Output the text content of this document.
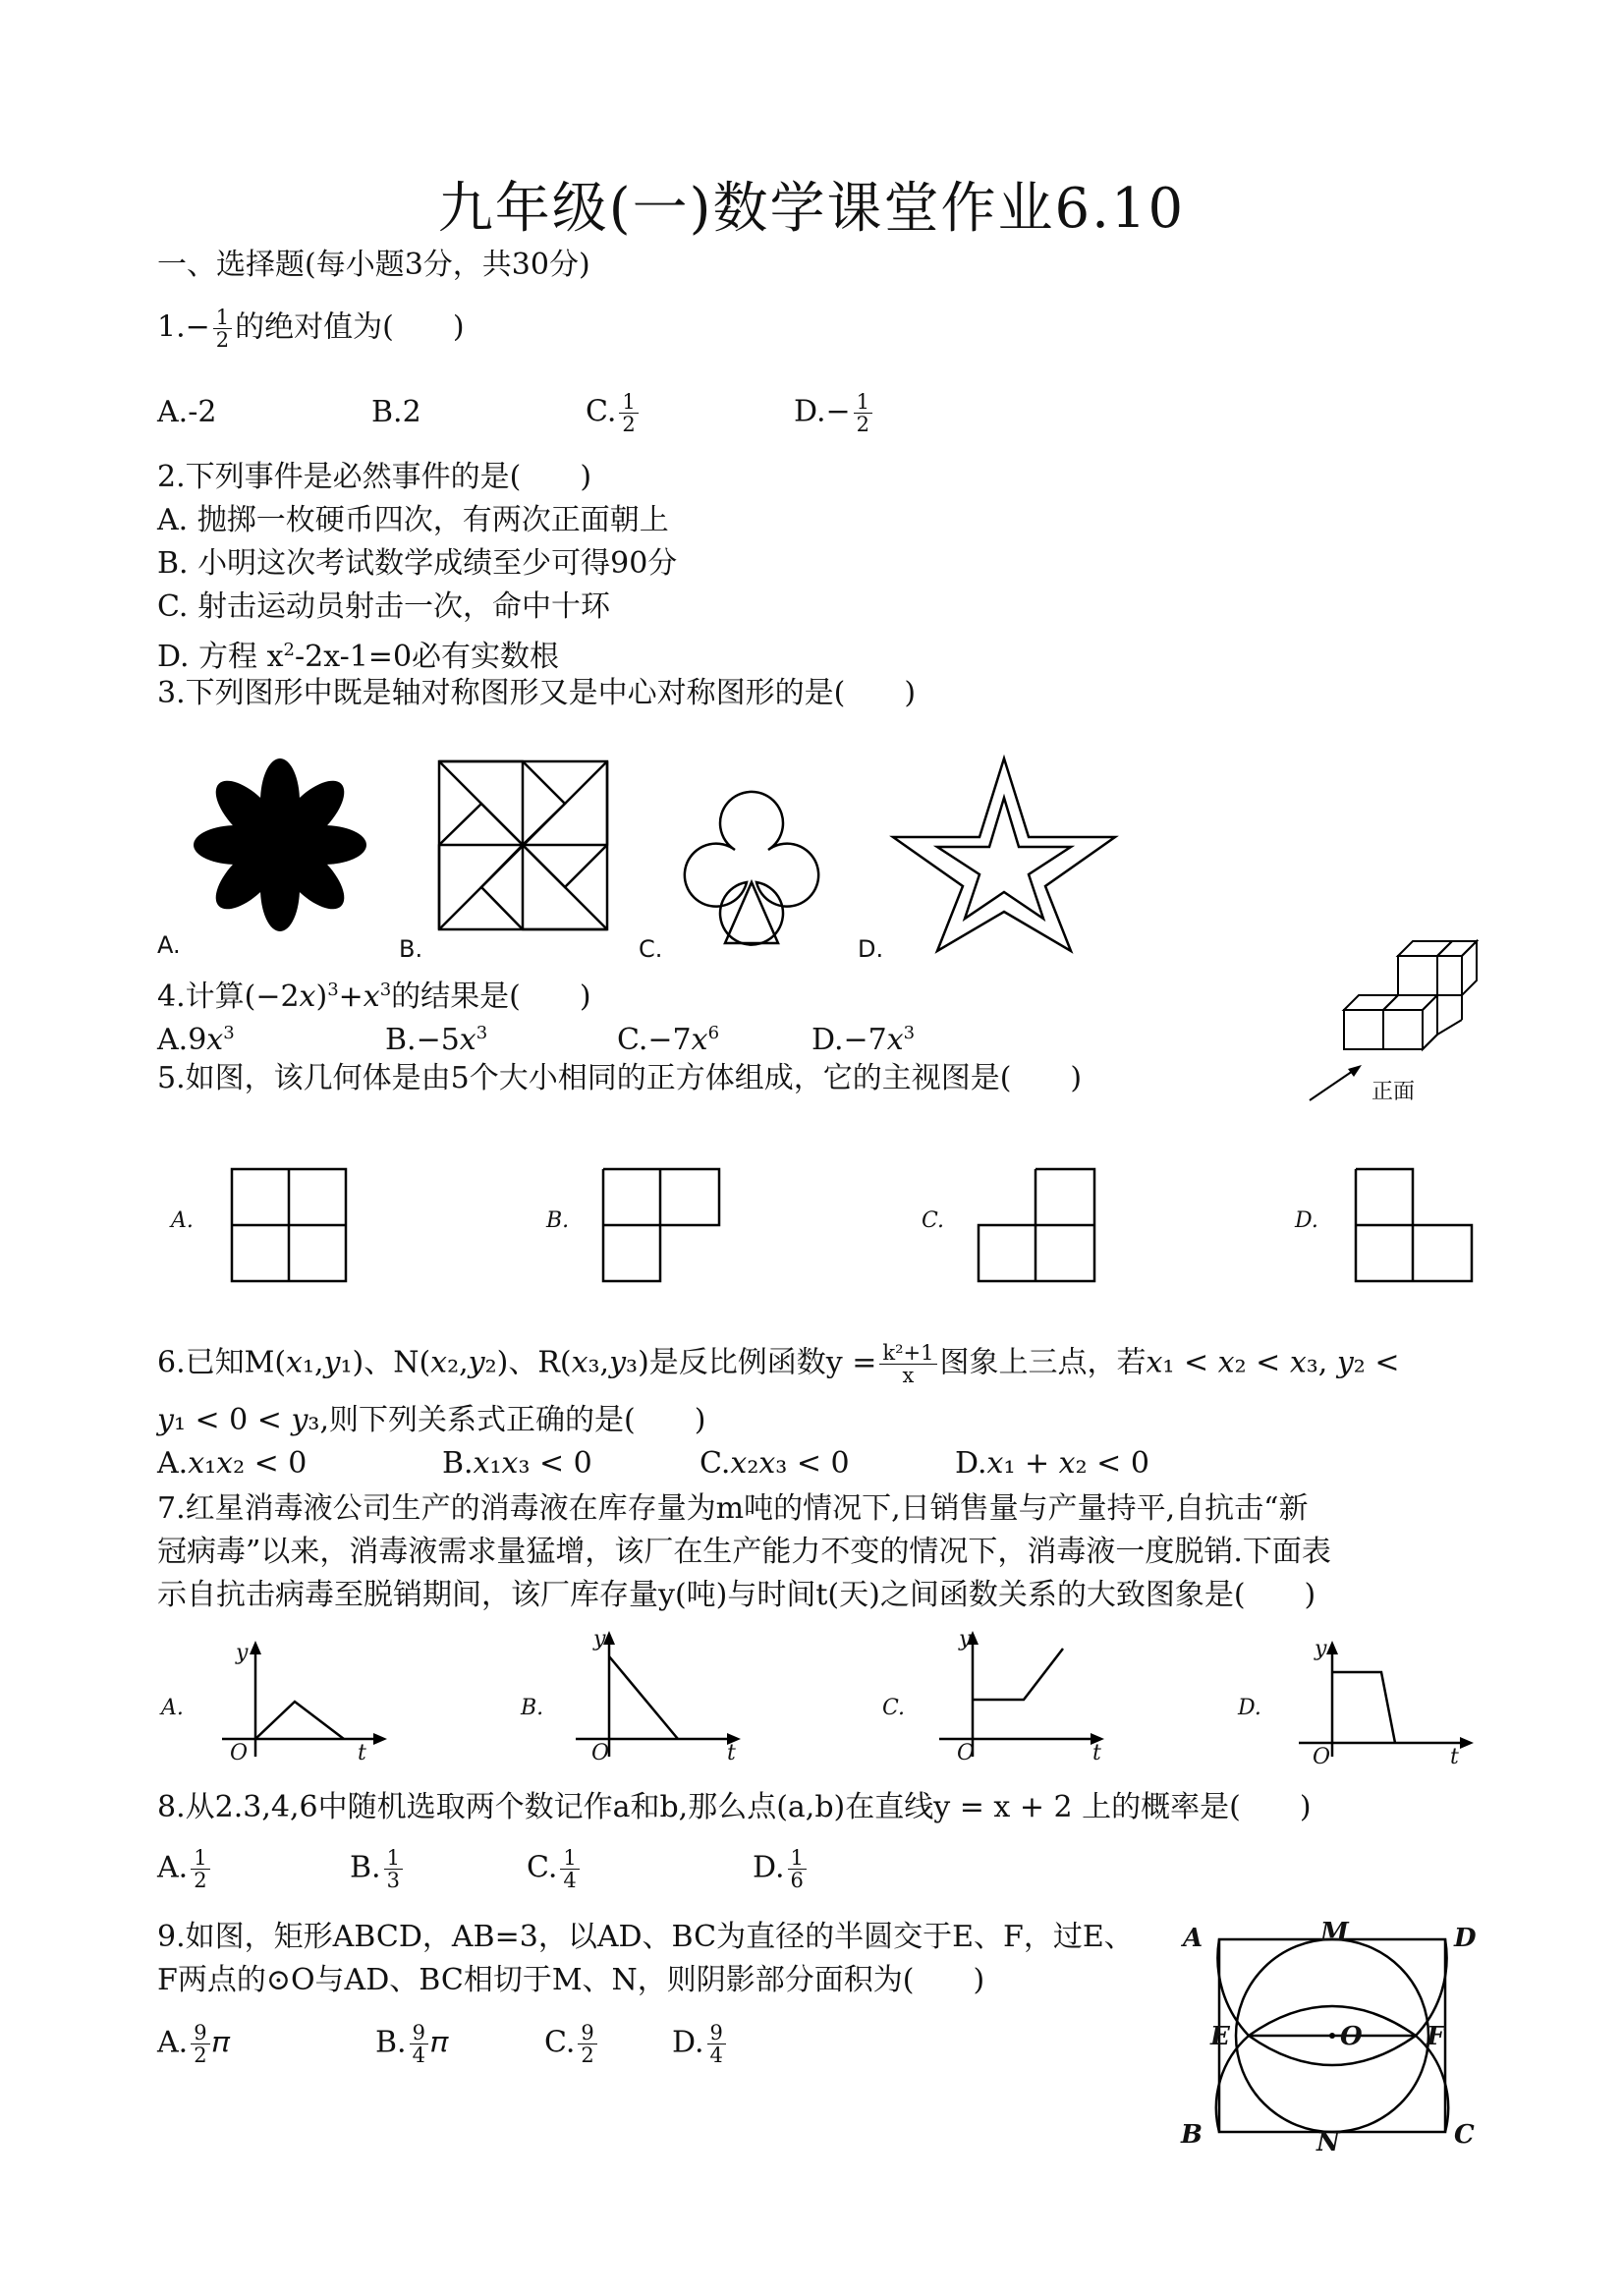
九年级(一)数学课堂作业6.10
一、选择题(每小题3分，共30分)
$1.- \frac{1}{2}$ 的绝对值为(　　)
A.-2	B.2	C. $\frac{1}{2}$	$D.- \frac{1}{2}$
2.下列事件是必然事件的是(　　)
A. 抛掷一枚硬币四次，有两次正面朝上
B. 小明这次考试数学成绩至少可得90分
C. 射击运动员射击一次，命中十环
D. 方程 $x^2-2x-1=0$必有实数根
3.下列图形中既是轴对称图形又是中心对称图形的是(　　)
A.	B.	C.	D.
4.计算(−2𝑥)$^3$+𝑥$^3$的结果是(　　)
A.9𝑥$^3$	B.−5𝑥$^3$	C.−7𝑥$^6$	D.−7𝑥$^3$
正面
5.如图，该几何体是由5个大小相同的正方体组成，它的主视图是(　　)
A.	B.	C.	D.
6.已知M(𝑥₁,𝑦₁)、N(𝑥₂,𝑦₂)、R(𝑥₃,𝑦₃)是反比例函数$y = \frac{\text{k²+1}}{x}$ 图象上三点，若𝑥₁ < 𝑥₂ < 𝑥₃, 𝑦₂ <
𝑦₁ < 0 < 𝑦₃,则下列关系式正确的是(　　)
A.𝑥₁𝑥₂ < 0	B.𝑥₁𝑥₃ < 0	C.𝑥₂𝑥₃ < 0	D.𝑥₁ + 𝑥₂ < 0
7.红星消毒液公司生产的消毒液在库存量为m吨的情况下,日销售量与产量持平,自抗击“新
冠病毒”以来，消毒液需求量猛增，该厂在生产能力不变的情况下，消毒液一度脱销.下面表
示自抗击病毒至脱销期间，该厂库存量y(吨)与时间t(天)之间函数关系的大致图象是(　　)
A.
y
O	t
B.
y
O	t
C.
y
O	t
D.
y
O	t
8.从2.3,4,6中随机选取两个数记作a和b,那么点(a,b)在直线y = x + 2 上的概率是(　　)
A. $\frac{1}{2}$	B. $\frac{1}{3}$	C. $\frac{1}{4}$	D. $\frac{1}{6}$
9.如图，矩形ABCD，AB=3，以AD、BC为直径的半圆交于E、F，过E、
F两点的⊙O与AD、BC相切于M、N，则阴影部分面积为(　　)
A. $\frac{9}{2}$ 𝜋	B. $\frac{9}{4}$ 𝜋	C. $\frac{9}{2}$	D. $\frac{9}{4}$
A	M	D
E	O	F
B	N	C
